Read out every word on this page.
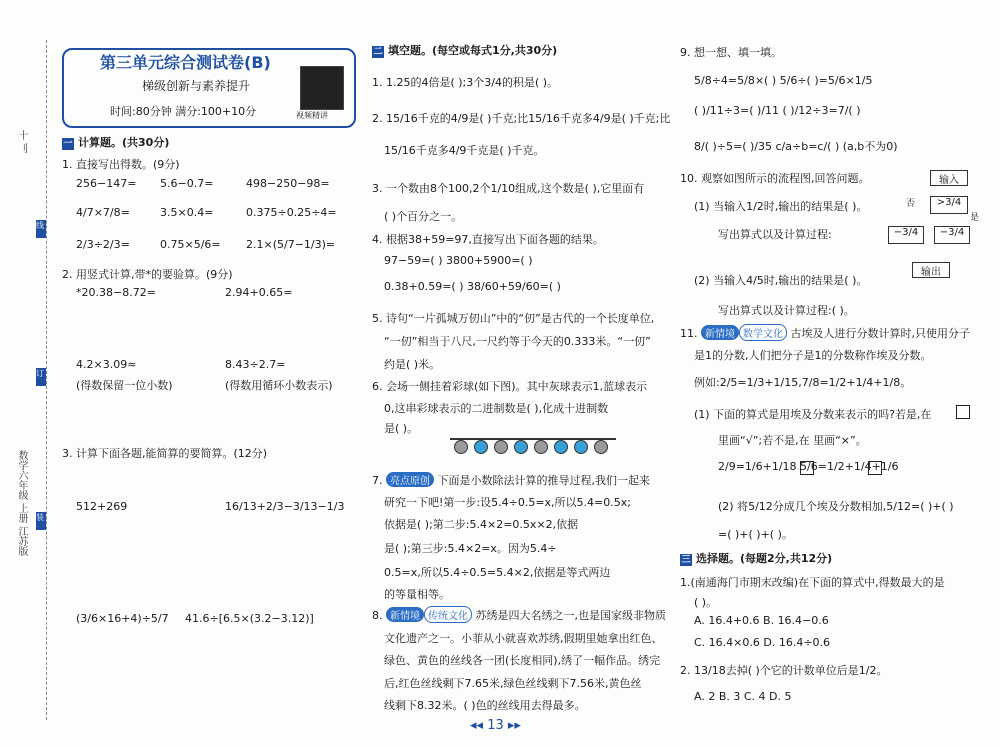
十 刂
线
订
装
数学六年级 上册 江苏版
第三单元综合测试卷(B)
梯级创新与素养提升
时间:80分钟 满分:100+10分	视频精讲
一 计算题。(共30分)
1. 直接写出得数。(9分)
256−147= 5.6−0.7=	498−250−98=
4/7×7/8=	3.5×0.4=	0.375÷0.25÷4=
2/3÷2/3=	0.75×5/6= 2.1×(5/7−1/3)=
2. 用竖式计算,带*的要验算。(9分)
*20.38−8.72=	2.94+0.65=
4.2×3.09≈	8.43÷2.7=
(得数保留一位小数)	(得数用循环小数表示)
3. 计算下面各题,能简算的要简算。(12分)
512+269	16/13+2/3−3/13−1/3
(3/6×16+4)÷5/7 41.6÷[6.5×(3.2−3.12)]
二 填空题。(每空或每式1分,共30分)
1. 1.25的4倍是( );3个3/4的积是( )。
2. 15/16千克的4/9是( )千克;比15/16千克多4/9是( )千克;比
15/16千克多4/9千克是( )千克。
3. 一个数由8个100,2个1/10组成,这个数是( ),它里面有
( )个百分之一。
4. 根据38+59=97,直接写出下面各题的结果。
97−59=( ) 3800+5900=( )
0.38+0.59=( ) 38/60+59/60=( )
5. 诗句“一片孤城万仞山”中的“仞”是古代的一个长度单位,
“一仞”相当于八尺,一尺约等于今天的0.333米。“一仞”
约是( )米。
6. 会场一侧挂着彩球(如下图)。其中灰球表示1,蓝球表示
0,这串彩球表示的二进制数是( ),化成十进制数
是( )。
7. 亮点原创 下面是小数除法计算的推导过程,我们一起来
研究一下吧!第一步:设5.4÷0.5=x,所以5.4=0.5x;
依据是( );第二步:5.4×2=0.5x×2,依据
是( );第三步:5.4×2=x。因为5.4÷
0.5=x,所以5.4÷0.5=5.4×2,依据是等式两边
的等量相等。
8. 新情境 传统文化 苏绣是四大名绣之一,也是国家级非物质
文化遗产之一。小菲从小就喜欢苏绣,假期里她拿出红色、
绿色、黄色的丝线各一团(长度相同),绣了一幅作品。绣完
后,红色丝线剩下7.65米,绿色丝线剩下7.56米,黄色丝
线剩下8.32米。( )色的丝线用去得最多。
9. 想一想、填一填。
5/8÷4=5/8×( ) 5/6÷( )=5/6×1/5
( )/11÷3=( )/11 ( )/12÷3=7/( )
8/( )÷5=( )/35 c/a÷b=c/( ) (a,b不为0)
10. 观察如图所示的流程图,回答问题。
(1) 当输入1/2时,输出的结果是( )。
写出算式以及计算过程:
(2) 当输入4/5时,输出的结果是( )。
写出算式以及计算过程:( )。
输入
>3/4
否
是
−3/4	−3/4
输出
11. 新情境 数学文化 古埃及人进行分数计算时,只使用分子
是1的分数,人们把分子是1的分数称作埃及分数。
例如:2/5=1/3+1/15,7/8=1/2+1/4+1/8。
(1) 下面的算式是用埃及分数来表示的吗?若是,在
里画“√”;若不是,在 里画“×”。
2/9=1/6+1/18 5/6=1/2+1/4+1/6
(2) 将5/12分成几个埃及分数相加,5/12=( )+( )
=( )+( )+( )。
三 选择题。(每题2分,共12分)
1.(南通海门市期末改编)在下面的算式中,得数最大的是
( )。
A. 16.4+0.6 B. 16.4−0.6
C. 16.4×0.6 D. 16.4÷0.6
2. 13/18去掉( )个它的计数单位后是1/2。
A. 2 B. 3 C. 4 D. 5
◂◂ 13 ▸▸
